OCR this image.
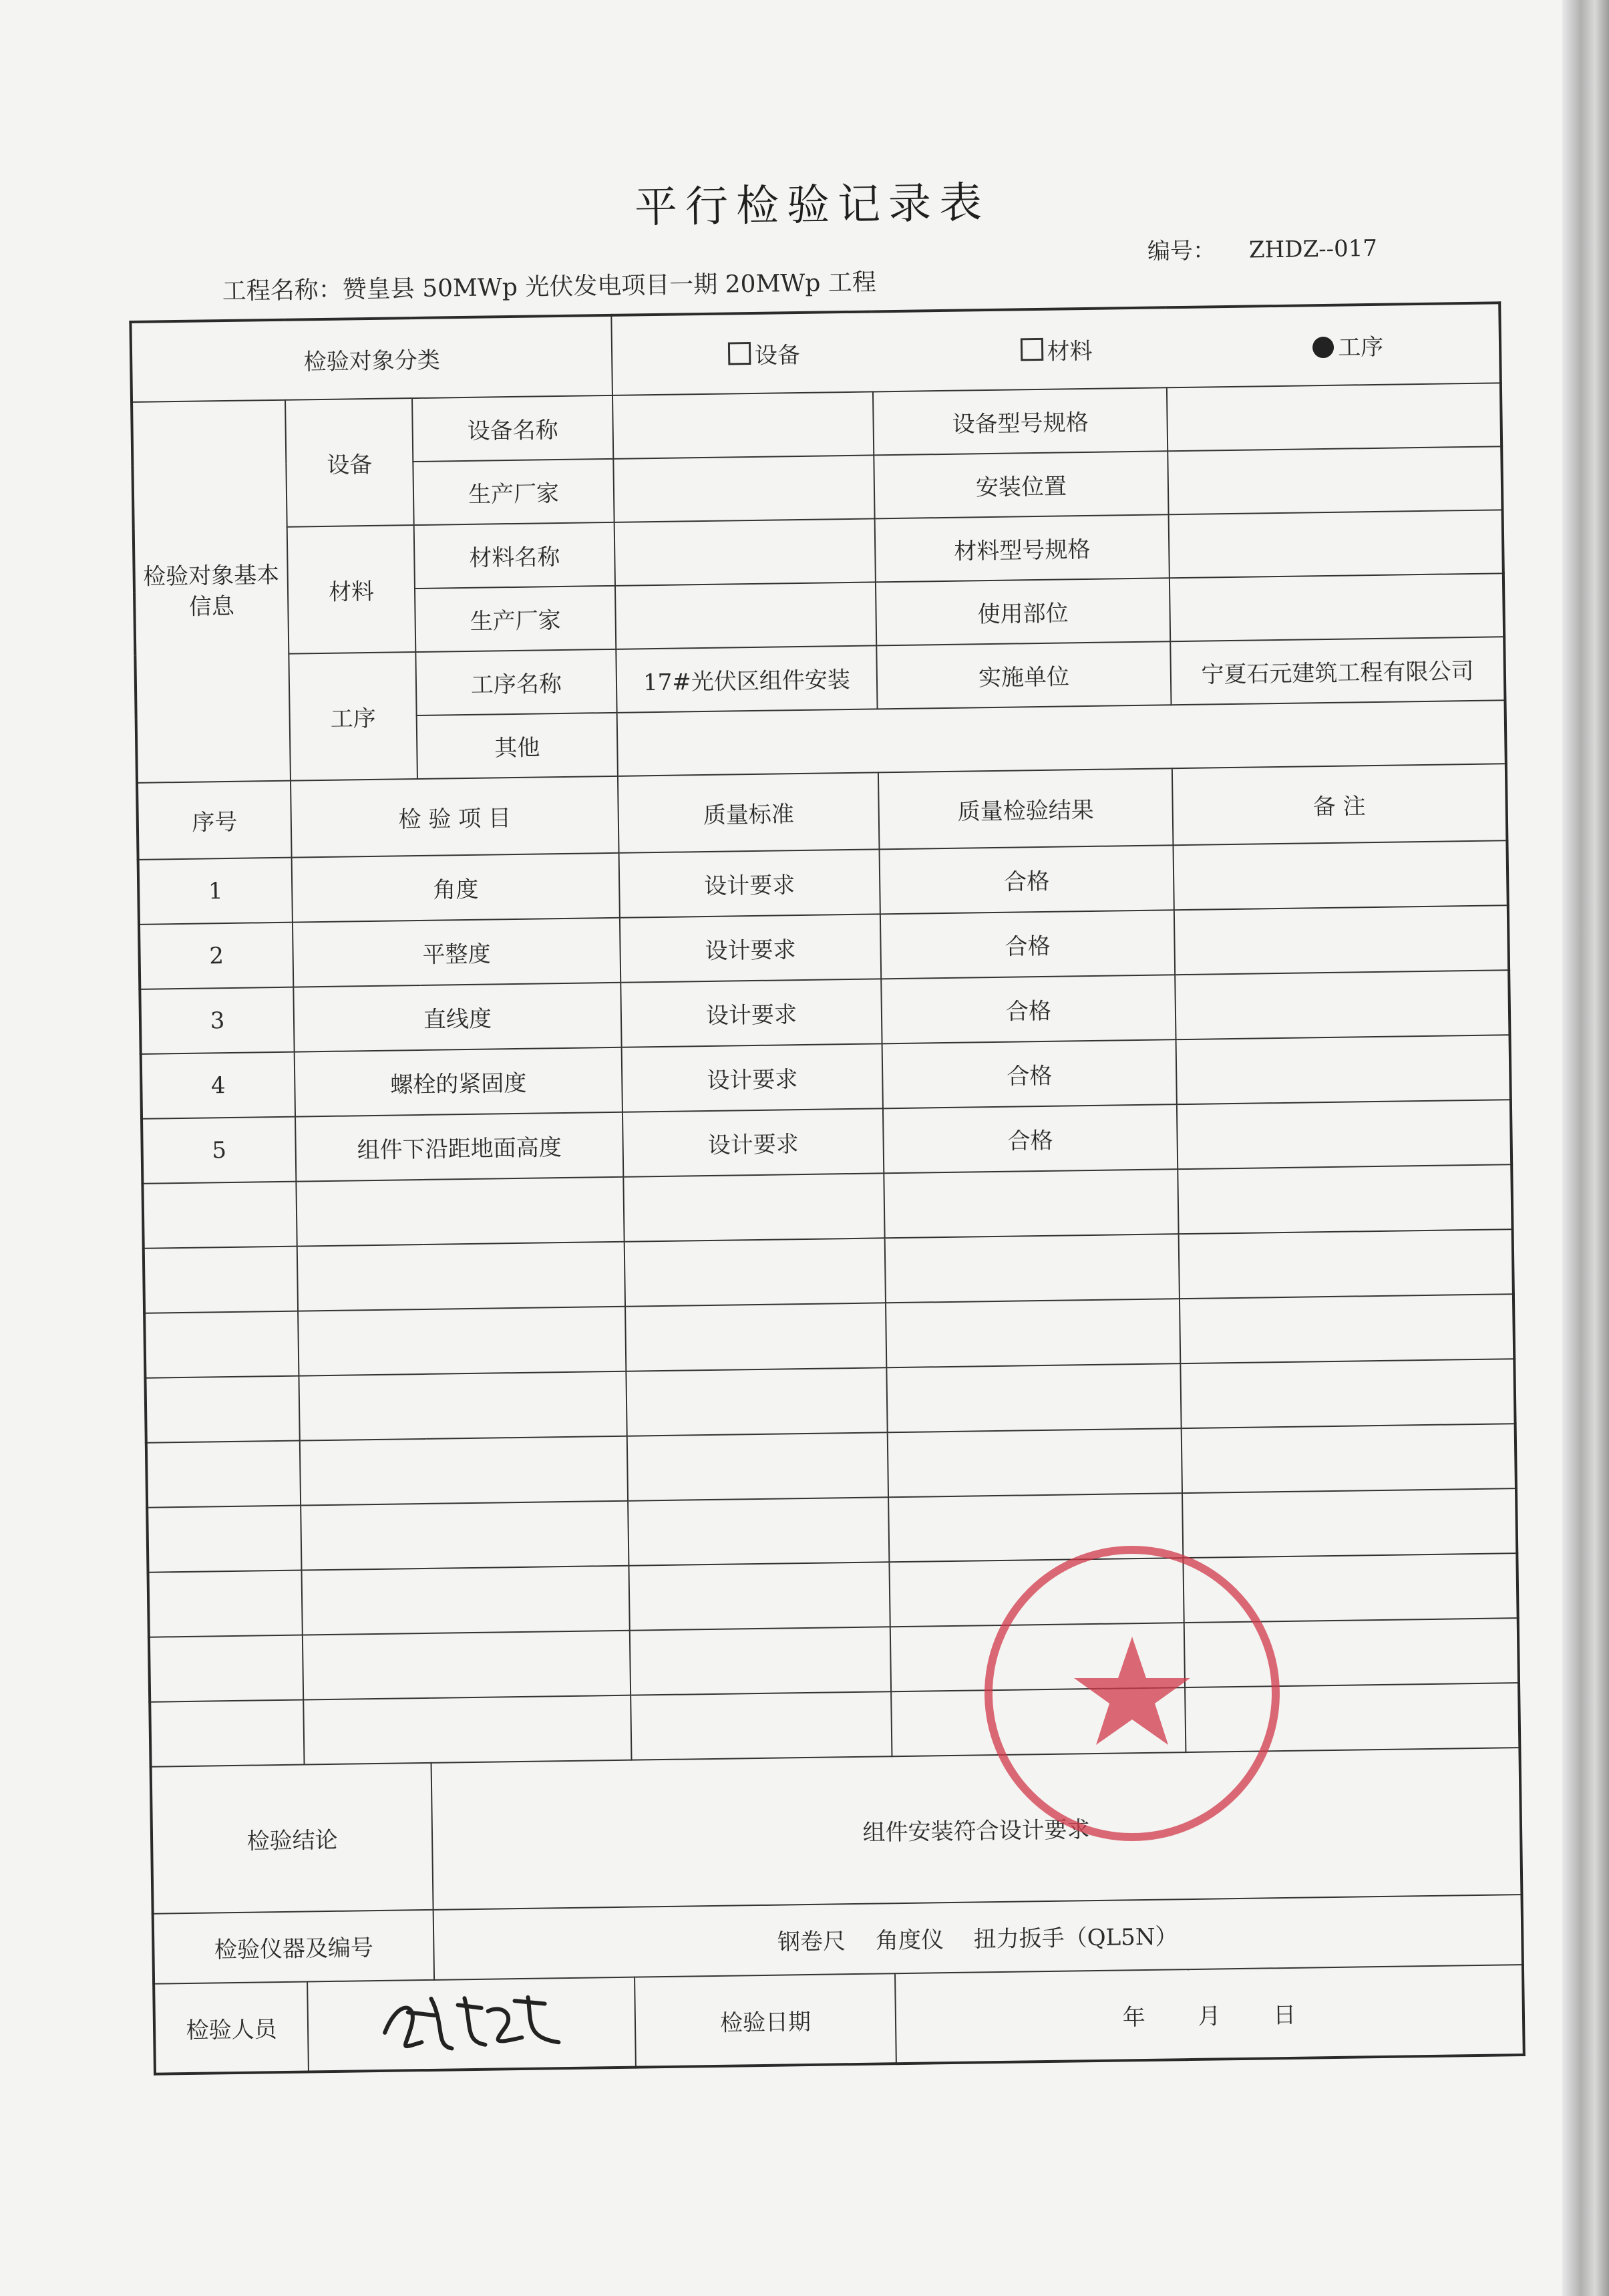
平行检验记录表
工程名称：赞皇县 50MWp 光伏发电项目一期 20MWp 工程
编号： ZHDZ--017
检验对象分类			设备 材料 工序		

检验对象基本信息	设备	设备名称		设备型号规格	
		生产厂家		安装位置	
	材料	材料名称		材料型号规格	
		生产厂家		使用部位	
	工序	工序名称	17#光伏区组件安装	实施单位	宁夏石元建筑工程有限公司
		其他			
序号	检 验 项 目		质量标准	质量检验结果	备 注
1	角度		设计要求	合格	
2	平整度		设计要求	合格	
3	直线度		设计要求	合格	
4	螺栓的紧固度		设计要求	合格	
5	组件下沿距地面高度		设计要求	合格	

检验结论		组件安装符合设计要求			
检验仪器及编号		钢卷尺　 角度仪 　扭力扳手（QL5N）			
检验人员			检验日期	年　　 月　　 日	
